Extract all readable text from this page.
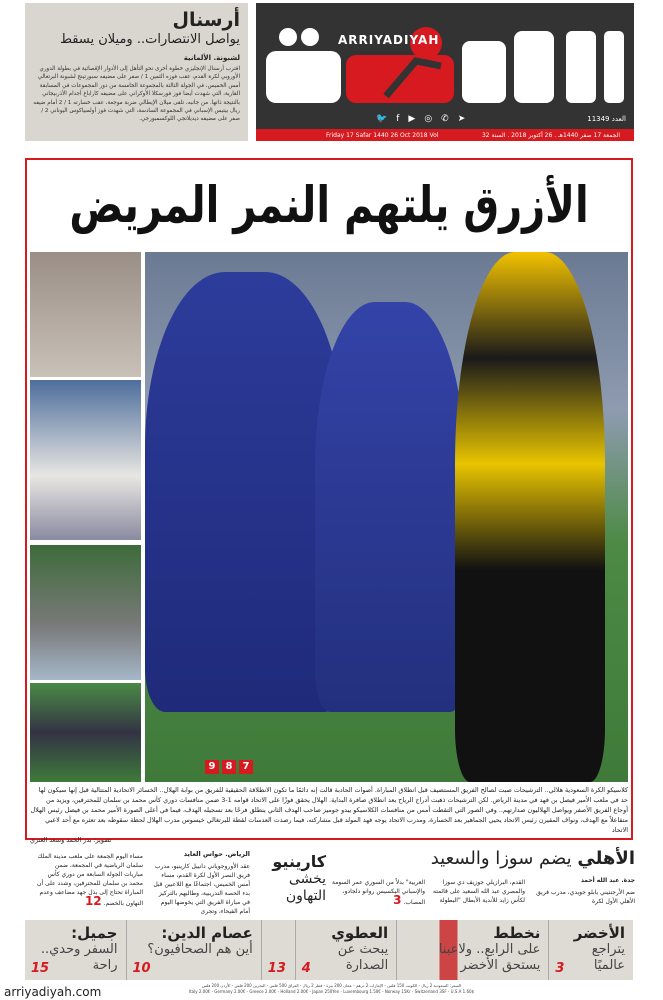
أرسنال
يواصل الانتصارات.. وميلان يسقط
لشبونة. الألمانية

اقترب أرسنال الإنجليزي خطوة أخرى نحو التأهل إلى الأدوار الإقصائية في بطولة الدوري الأوروبي لكرة القدم، عقب فوزه الثمين 1 / صفر على مضيفه سبورتينج لشبونة البرتغالي أمس الخميس، في الجولة الثالثة بالمجموعة الخامسة من دور المجموعات في المسابقة القارية، التي شهدت أيضا فوز فورسكلا الأوكراني على مضيفه كاراباغ أجدام الأذربيجاني بالنتيجة ذاتها. من جانبه، تلقى ميلان الإيطالي ضربة موجعة، عقب خسارته 1 / 2 أمام ضيفه ريال بيتيس الإسباني في المجموعة السادسة، التي شهدت فوز أولمبياكوس اليوناني 2 / صفر على مضيفه ديديلانجي اللوكسمبورجي.

ARRIYADIYAH
🐦 f ▶ ◎ ✆ ➤	العدد 11349
Friday 17 Safar 1440 26 Oct 2018 Vol	الجمعة 17 صفر 1440هـ . 26 أكتوبر 2018 . السنة 32
الأزرق يلتهم النمر المريض
9	8	7
كلاسيكو الكرة السعودية هلالي.. الترشيحات صبت لصالح الفريق المستضيف قبل انطلاق المباراة. أصوات الحادبة قالت إنه دائمًا ما تكون الانطلاقة الحقيقية للفريق من بوابة الهلال.. الخسائر الاتحادية المتتالية قبل إنها سيكون لها حد في ملعب الأمير فيصل بن فهد في مدينة الرياض. لكن الترشيحات ذهبت أدراج الرياح بعد انطلاق صافرة البداية. الهلال يحقق فوزًا على الاتحاد قوامه 1-3 ضمن منافسات دوري كأس محمد بن سلمان للمحترفين، ويزيد من أوجاع الفريق الأصفر ويواصل الهلاليون صدارتهم.. وفي الصور التي التقطت أمس من منافسات الكلاسيكو يبدو جوميز صاحب الهدف الثاني ينطلق فرحًا بعد تسجيله الهدف، فيما في أعلى الصورة الأمير محمد بن فيصل رئيس الهلال متفاعلاً مع الهدف، ونواف المقيرن رئيس الاتحاد يحيي الجماهير بعد الخسارة، ومدرب الاتحاد يوجه فهد المولد قبل مشاركته، فيما رصدت العدسات لقطة للبرتغالي خيسوس مدرب الهلال لحظة سقوطه بعد تعثره مع أحد لاعبي الاتحاد
تصوير: بدر الحمد وسعد العنزي
الأهلي يضم سوزا والسعيد
جدة. عبد الله أحمد
ضم الأرجنتيني بابلو جويدي، مدرب فريق الأهلي الأول لكرة
القدم، البرازيلي جوزيف دي سوزا والمصري عبد الله السعيد على قائمته لكأس زايد للأندية الأبطال "البطولة
العربية" بدلاً من السوري عمر السومة والإسباني اليكسيس روانو دلجادو، المصاب. 3
كارينيو
يخشى التهاون
الرياض. حواس العايد
عقد الأوروجوياني دانييل كارينيو، مدرب فريق النصر الأول لكرة القدم، مساء أمس الخميس، اجتماعًا مع اللاعبين قبل بدء الحصة التدريبية، وطالبهم بالتركيز في مباراة الفريق التي يخوضها اليوم أمام الفيحاء، وتجرى
مساء اليوم الجمعة على ملعب مدينة الملك سلمان الرياضية في المجمعة، ضمن مباريات الجولة السابعة من دوري كأس محمد بن سلمان للمحترفين، وشدد على أن المباراة تحتاج إلى بذل جهد مضاعف وعدم التهاون بالخصم. 12
الأخضر
يتراجع عالميًا
3
نخطط
على الرابع.. ولاعبنا يستحق الأخضر
العطوي
يبحث عن الصدارة
4
13
عصام الدين:
أين هم الصحافيون؟
10
جميل:
السفر وحدي.. راحة
15
السعر: السعودية 2 ريال - الكويت 150 فلس - الإمارات 2 درهم - عمان 200 بيزة - قطر 2 ريال - العراق 500 فلس - البحرين 200 فلس - الأردن 200 فلس
Italy 2.00€ - Germany 2.00€ - Greece 2.00€ - Holland 2.00€ - Japan 250Yen - Luxembourg 1.50€ - Norway 15Kr - Switzerland 3SF - U.S.A 1.60$
arriyadiyah.com
